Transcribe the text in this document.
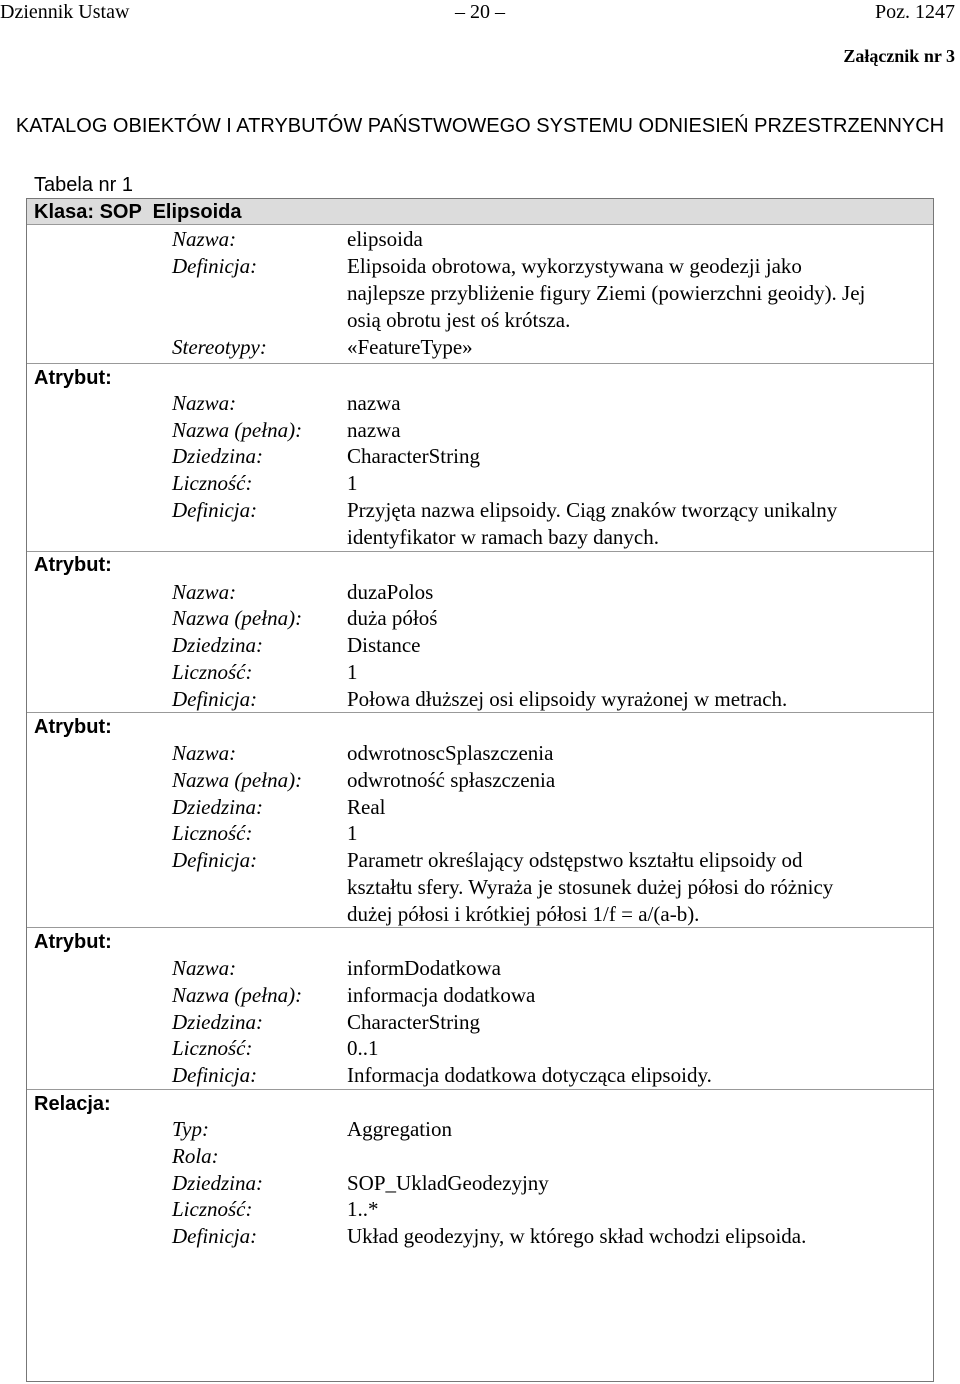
Dziennik Ustaw	– 20 –	Poz. 1247
Załącznik nr 3
KATALOG OBIEKTÓW I ATRYBUTÓW PAŃSTWOWEGO SYSTEMU ODNIESIEŃ PRZESTRZENNYCH
Tabela nr 1
Klasa: SOP Elipsoida
Nazwa:	elipsoida
Definicja:	Elipsoida obrotowa, wykorzystywana w geodezji jako
najlepsze przybliżenie figury Ziemi (powierzchni geoidy). Jej
osią obrotu jest oś krótsza.
Stereotypy:	«FeatureType»
Atrybut:
Nazwa:	nazwa
Nazwa (pełna): nazwa
Dziedzina:	CharacterString
Liczność:	1
Definicja:	Przyjęta nazwa elipsoidy. Ciąg znaków tworzący unikalny
identyfikator w ramach bazy danych.
Atrybut:
Nazwa:	duzaPolos
Nazwa (pełna): duża półoś
Dziedzina:	Distance
Liczność:	1
Definicja:	Połowa dłuższej osi elipsoidy wyrażonej w metrach.
Atrybut:
Nazwa:	odwrotnoscSplaszczenia
Nazwa (pełna): odwrotność spłaszczenia
Dziedzina:	Real
Liczność:	1
Definicja:	Parametr określający odstępstwo kształtu elipsoidy od
kształtu sfery. Wyraża je stosunek dużej półosi do różnicy
dużej półosi i krótkiej półosi 1/f = a/(a-b).
Atrybut:
Nazwa:	informDodatkowa
Nazwa (pełna): informacja dodatkowa
Dziedzina:	CharacterString
Liczność:	0..1
Definicja:	Informacja dodatkowa dotycząca elipsoidy.
Relacja:
Typ:	Aggregation
Rola:
Dziedzina:	SOP_UkladGeodezyjny
Liczność:	1..*
Definicja:	Układ geodezyjny, w którego skład wchodzi elipsoida.
